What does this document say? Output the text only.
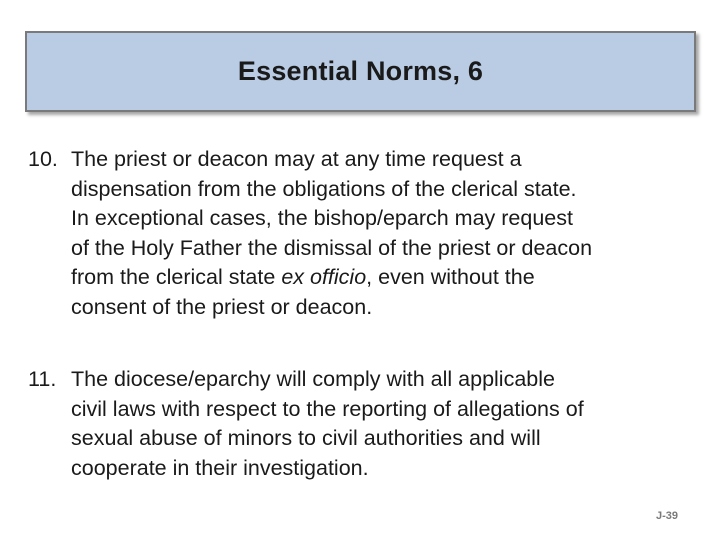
Essential Norms, 6
10. The priest or deacon may at any time request a
dispensation from the obligations of the clerical state.
In exceptional cases, the bishop/eparch may request
of the Holy Father the dismissal of the priest or deacon
from the clerical state ex officio, even without the
consent of the priest or deacon.
11. The diocese/eparchy will comply with all applicable
civil laws with respect to the reporting of allegations of
sexual abuse of minors to civil authorities and will
cooperate in their investigation.
J-39
